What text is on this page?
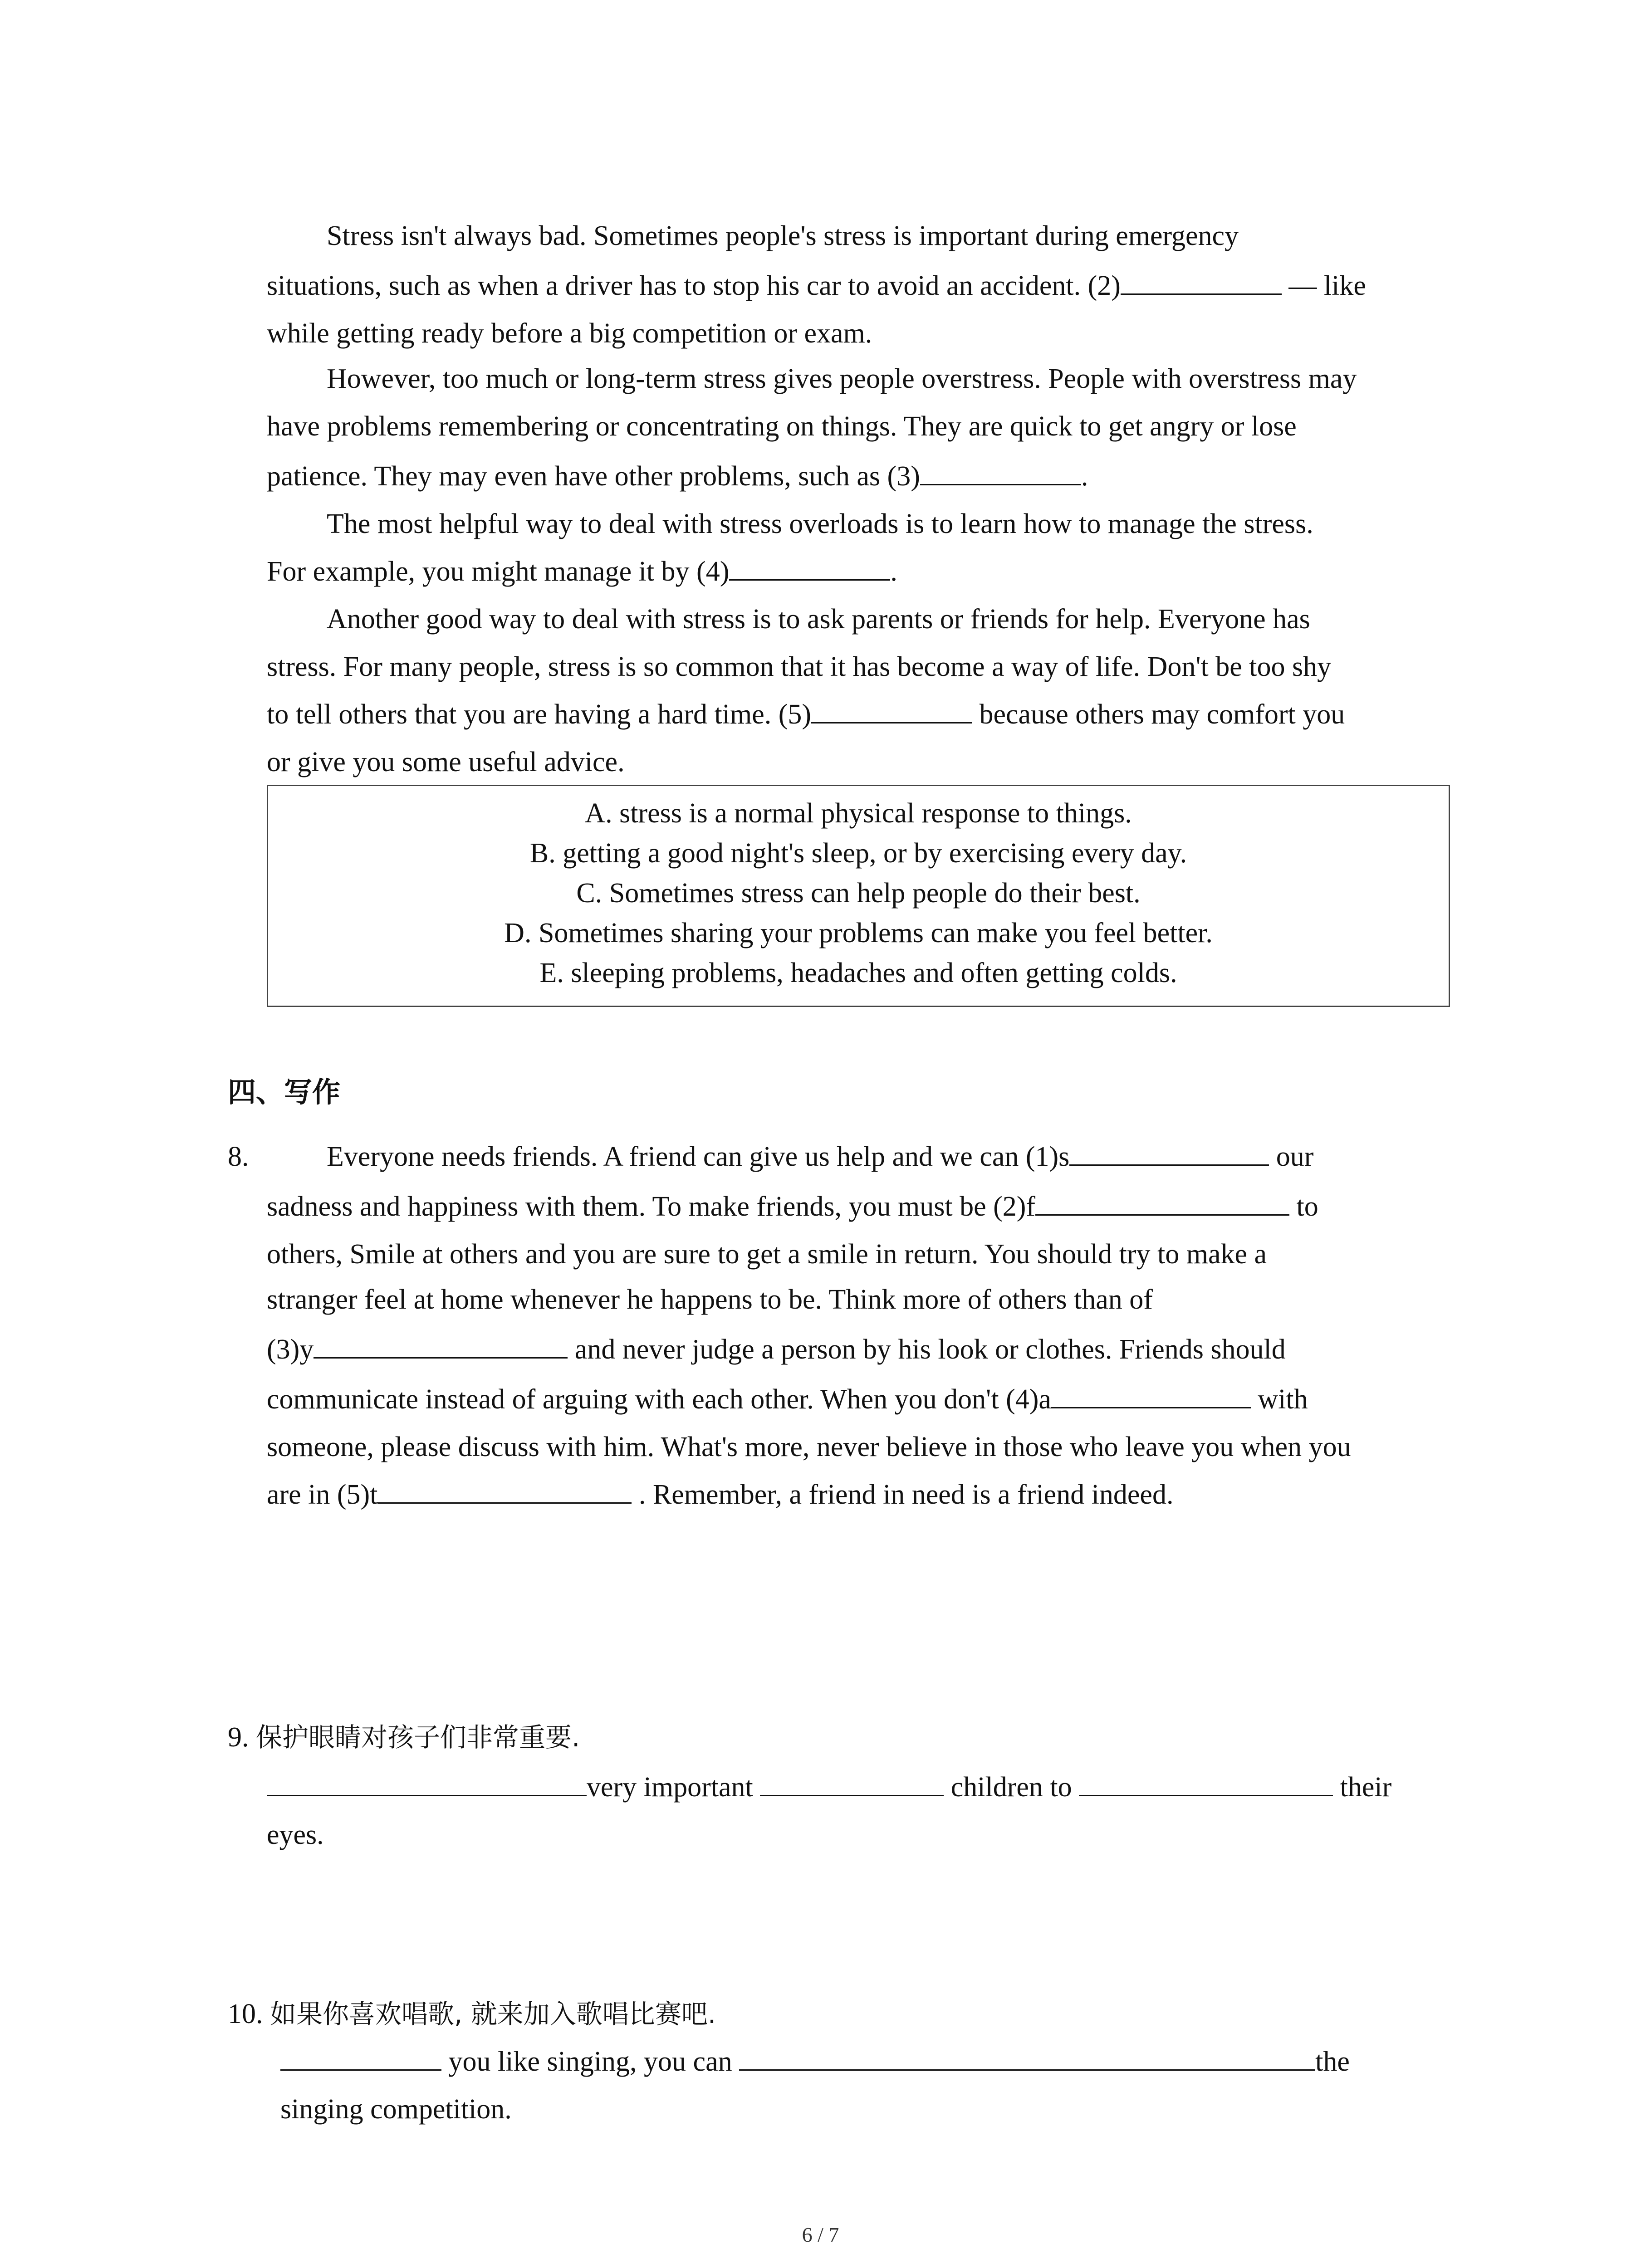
Stress isn't always bad. Sometimes people's stress is important during emergency
situations, such as when a driver has to stop his car to avoid an accident. (2)	— like
while getting ready before a big competition or exam.
However, too much or long-term stress gives people overstress. People with overstress may
have problems remembering or concentrating on things. They are quick to get angry or lose
patience. They may even have other problems, such as (3)	.
The most helpful way to deal with stress overloads is to learn how to manage the stress.
For example, you might manage it by (4)	.
Another good way to deal with stress is to ask parents or friends for help. Everyone has
stress. For many people, stress is so common that it has become a way of life. Don't be too shy
to tell others that you are having a hard time. (5)	because others may comfort you
or give you some useful advice.
A. stress is a normal physical response to things.
B. getting a good night's sleep, or by exercising every day.
C. Sometimes stress can help people do their best.
D. Sometimes sharing your problems can make you feel better.
E. sleeping problems, headaches and often getting colds.
四、写作
8.	Everyone needs friends. A friend can give us help and we can (1)s	our
sadness and happiness with them. To make friends, you must be (2)f	to
others, Smile at others and you are sure to get a smile in return. You should try to make a
stranger feel at home whenever he happens to be. Think more of others than of
(3)y	and never judge a person by his look or clothes. Friends should
communicate instead of arguing with each other. When you don't (4)a	with
someone, please discuss with him. What's more, never believe in those who leave you when you
are in (5)t	. Remember, a friend in need is a friend indeed.
9. 保护眼睛对孩子们非常重要.
very important	children to	their
eyes.
10. 如果你喜欢唱歌, 就来加入歌唱比赛吧.
you like singing, you can	the
singing competition.
6 / 7
